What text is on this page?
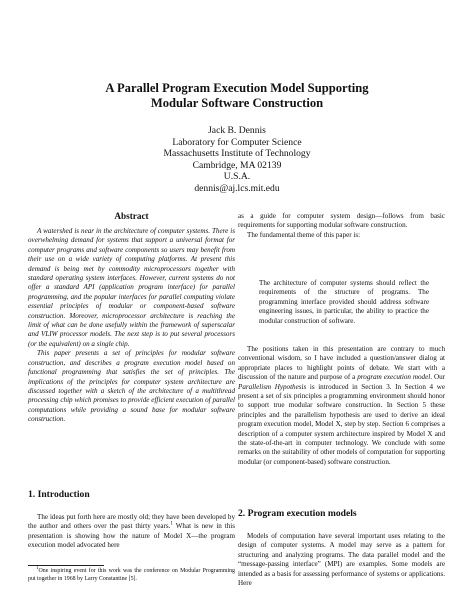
A Parallel Program Execution Model Supporting
Modular Software Construction
Jack B. Dennis
Laboratory for Computer Science
Massachusetts Institute of Technology
Cambridge, MA 02139
U.S.A.
dennis@aj.lcs.mit.edu
Abstract

A watershed is near in the architecture of computer systems. There is overwhelming demand for systems that support a universal format for computer programs and software components so users may benefit from their use on a wide variety of computing platforms. At present this demand is being met by commodity microprocessors together with standard operating system interfaces. However, current systems do not offer a standard API (application program interface) for parallel programming, and the popular interfaces for parallel computing violate essential principles of modular or component-based software construction. Moreover, microprocessor architecture is reaching the limit of what can be done usefully within the framework of superscalar and VLIW processor models. The next step is to put several processors (or the equivalent) on a single chip.

This paper presents a set of principles for modular software construction, and describes a program execution model based on functional programming that satisfies the set of principles. The implications of the principles for computer system architecture are discussed together with a sketch of the architecture of a multithread processing chip which promises to provide efficient execution of parallel computations while providing a sound base for modular software construction.

1. Introduction

The ideas put forth here are mostly old; they have been developed by the author and others over the past thirty years.$^1$ What is new in this presentation is showing how the nature of Model X—the program execution model advocated here

$^1$One inspiring event for this work was the conference on Modular Programming put together in 1968 by Larry Constantine [5].

as a guide for computer system design—follows from basic requirements for supporting modular software construction.

The fundamental theme of this paper is:

The architecture of computer systems should reflect the requirements of the structure of programs. The programming interface provided should address software engineering issues, in particular, the ability to practice the modular construction of software.

The positions taken in this presentation are contrary to much conventional wisdom, so I have included a question/answer dialog at appropriate places to highlight points of debate. We start with a discussion of the nature and purpose of a program execution model. Our Parallelism Hypothesis is introduced in Section 3. In Section 4 we present a set of six principles a programming environment should honor to support true modular software construction. In Section 5 these principles and the parallelism hypothesis are used to derive an ideal program execution model, Model X, step by step. Section 6 comprises a description of a computer system architecture inspired by Model X and the state-of-the-art in computer technology. We conclude with some remarks on the suitability of other models of computation for supporting modular (or component-based) software construction.

2. Program execution models

Models of computation have several important uses relating to the design of computer systems. A model may serve as a pattern for structuring and analyzing programs. The data parallel model and the “message-passing interface” (MPI) are examples. Some models are intended as a basis for assessing performance of systems or applications. Here
